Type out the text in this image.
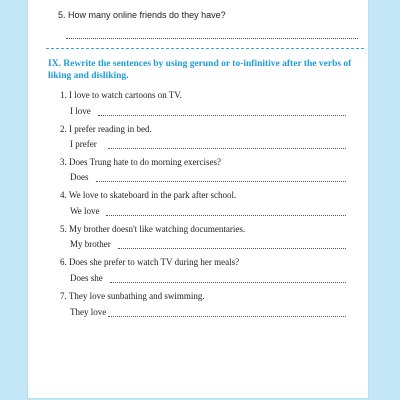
5. How many online friends do they have?
IX. Rewrite the sentences by using gerund or to-infinitive after the verbs of liking and disliking.
1. I love to watch cartoons on TV.
I love
2. I prefer reading in bed.
I prefer
3. Does Trung hate to do morning exercises?
Does
4. We love to skateboard in the park after school.
We love
5. My brother doesn't like watching documentaries.
My brother
6. Does she prefer to watch TV during her meals?
Does she
7. They love sunbathing and swimming.
They love
